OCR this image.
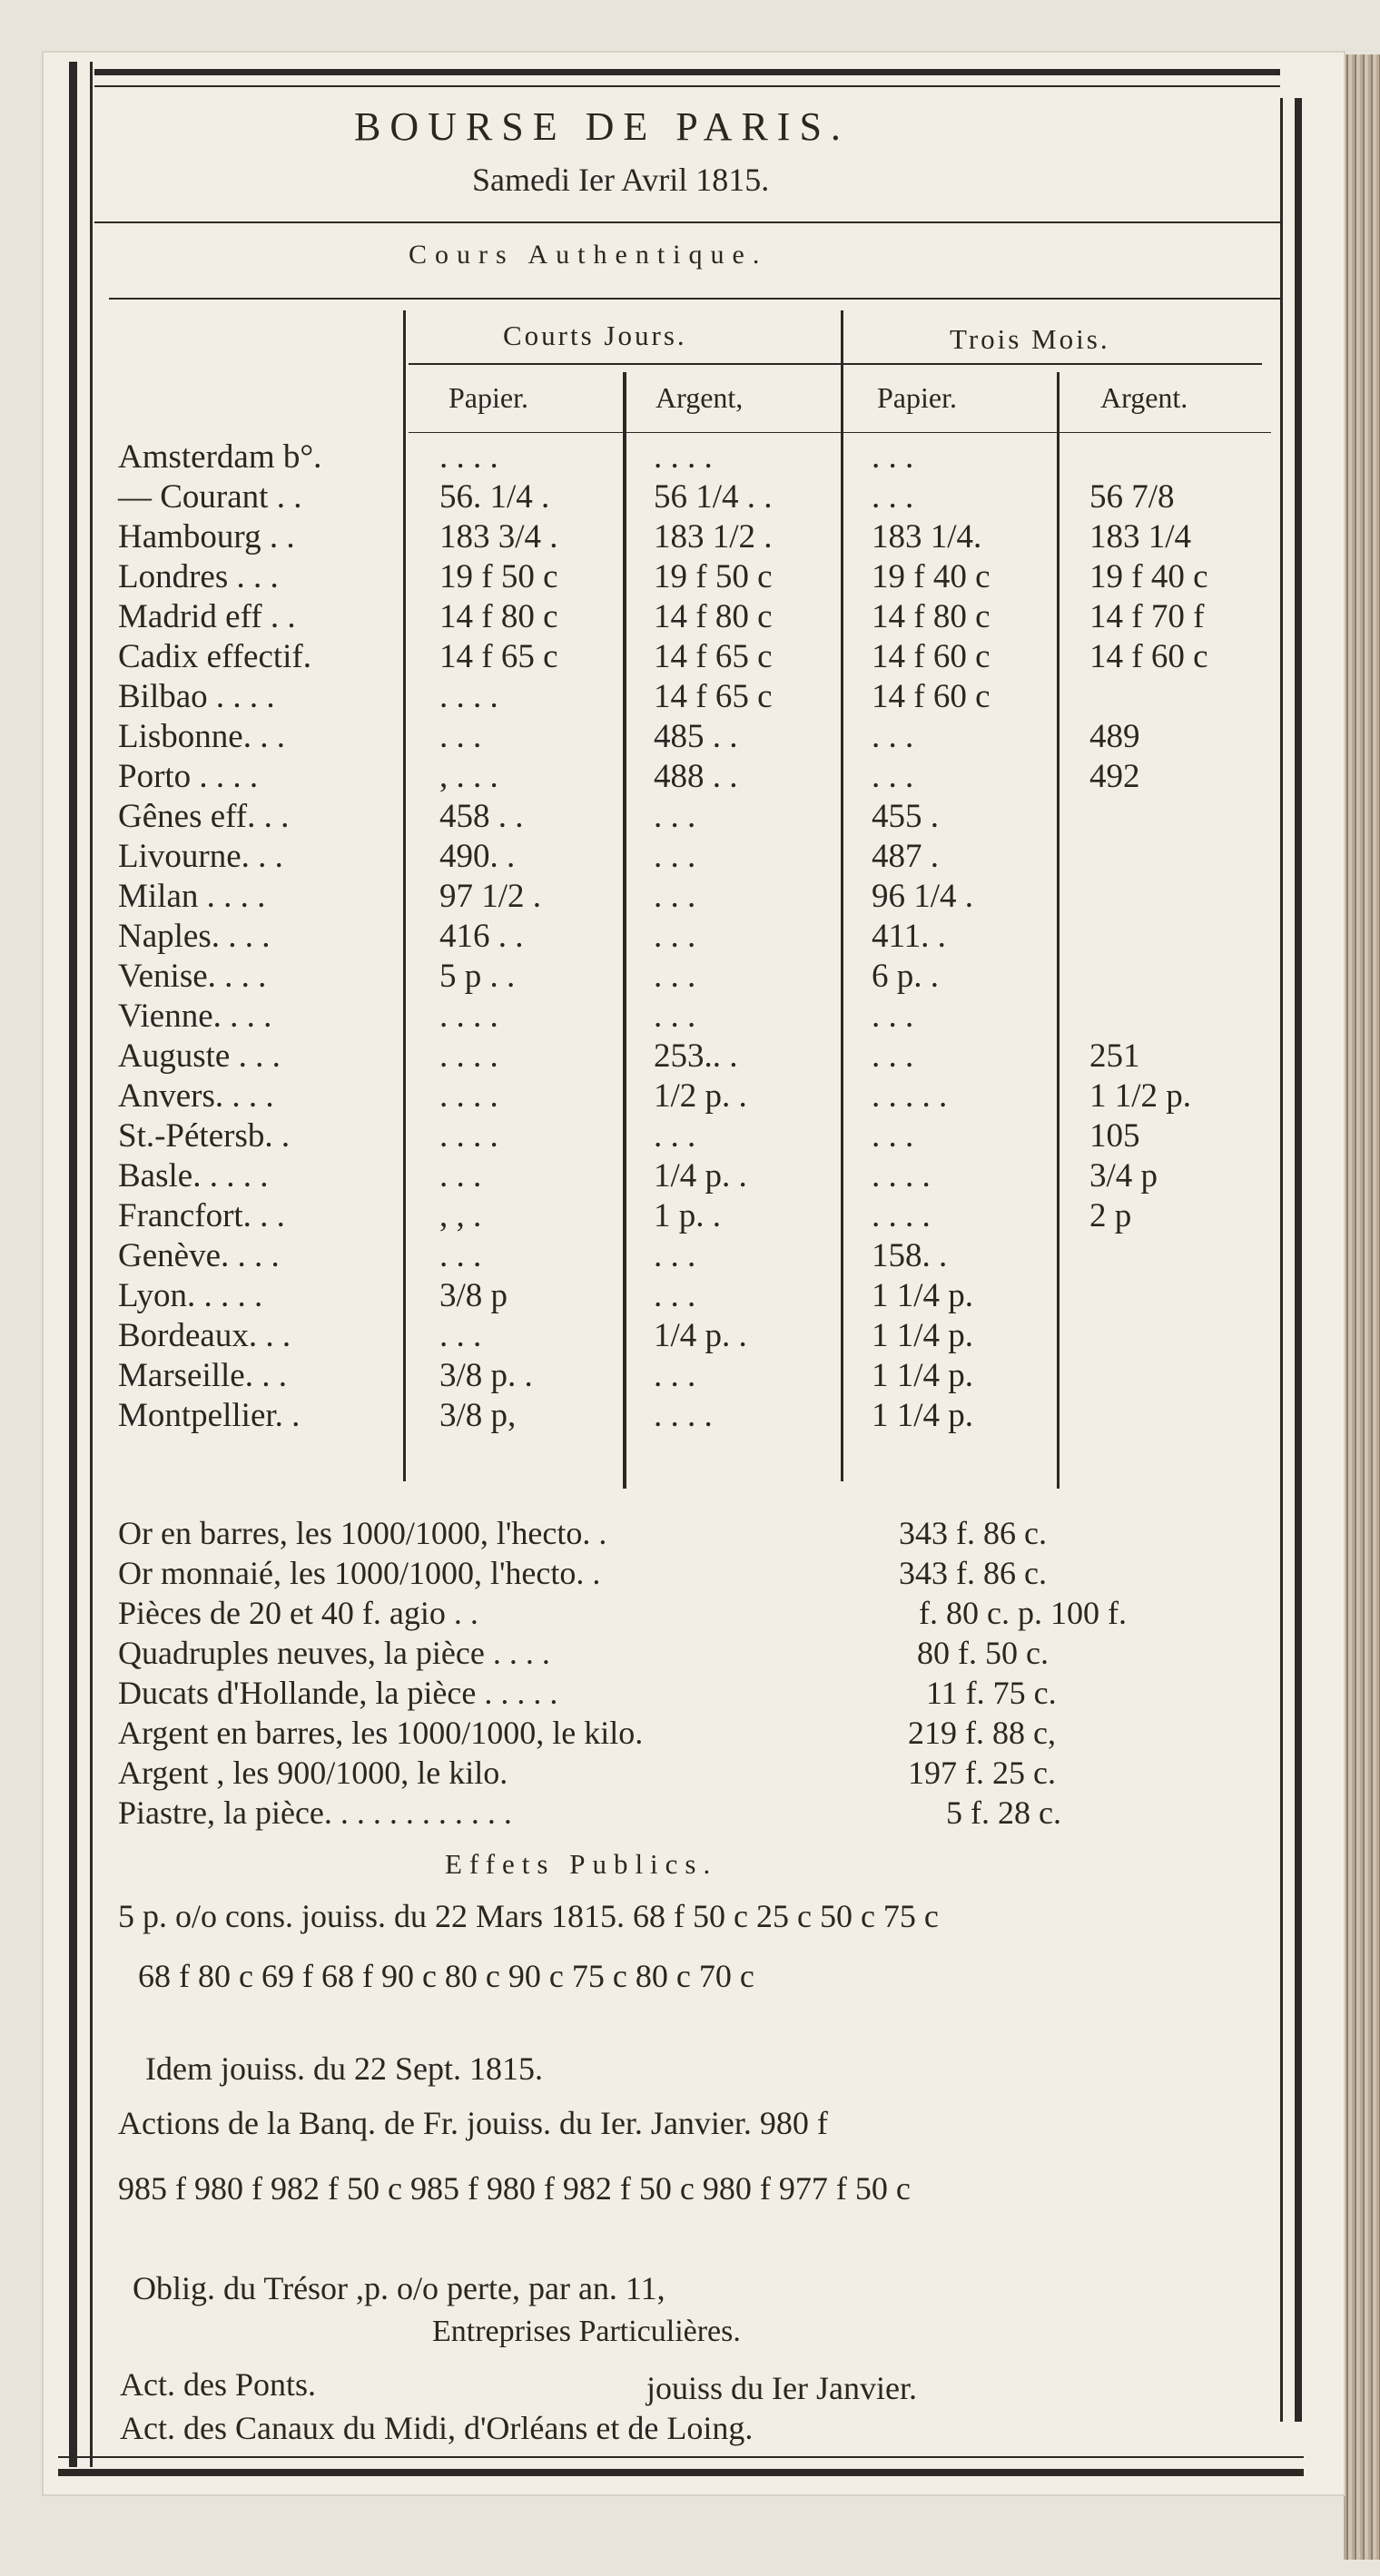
BOURSE DE PARIS.
Samedi Ier Avril 1815.
Cours Authentique.
Courts Jours.	Trois Mois.
Papier.	Argent,	Papier.	Argent.
Amsterdam b°.	. . . .	. . . .	. . .
— Courant . .	56. 1/4 .	56 1/4 . .	. . .	56 7/8
Hambourg . .	183 3/4 .	183 1/2 .	183 1/4.	183 1/4
Londres . . .	19 f 50 c	19 f 50 c	19 f 40 c	19 f 40 c
Madrid eff . .	14 f 80 c	14 f 80 c	14 f 80 c	14 f 70 f
Cadix effectif.	14 f 65 c	14 f 65 c	14 f 60 c	14 f 60 c
Bilbao . . . .	. . . .	14 f 65 c	14 f 60 c
Lisbonne. . .	. . .	485 . .	. . .	489
Porto . . . .	, . . .	488 . .	. . .	492
Gênes eff. . .	458 . .	. . .	455 .
Livourne. . .	490. .	. . .	487 .
Milan . . . .	97 1/2 .	. . .	96 1/4 .
Naples. . . .	416 . .	. . .	411. .
Venise. . . .	5 p . .	. . .	6 p. .
Vienne. . . .	. . . .	. . .	. . .
Auguste . . .	. . . .	253.. .	. . .	251
Anvers. . . .	. . . .	1/2 p. .	. . . . .	1 1/2 p.
St.-Pétersb. .	. . . .	. . .	. . .	105
Basle. . . . .	. . .	1/4 p. .	. . . .	3/4 p
Francfort. . .	, , .	1 p. .	. . . .	2 p
Genève. . . .	. . .	. . .	158. .
Lyon. . . . .	3/8 p	. . .	1 1/4 p.
Bordeaux. . .	. . .	1/4 p. .	1 1/4 p.
Marseille. . .	3/8 p. .	. . .	1 1/4 p.
Montpellier. .	3/8 p,	. . . .	1 1/4 p.
Or en barres, les 1000/1000, l'hecto. .	343 f. 86 c.
Or monnaié, les 1000/1000, l'hecto. .	343 f. 86 c.
Pièces de 20 et 40 f. agio . .	f. 80 c. p. 100 f.
Quadruples neuves, la pièce . . . .	80 f. 50 c.
Ducats d'Hollande, la pièce . . . . .	11 f. 75 c.
Argent en barres, les 1000/1000, le kilo.	219 f. 88 c,
Argent , les 900/1000, le kilo.	197 f. 25 c.
Piastre, la pièce. . . . . . . . . . . .	5 f. 28 c.
Effets Publics.
5 p. o/o cons. jouiss. du 22 Mars 1815. 68 f 50 c 25 c 50 c 75 c
68 f 80 c 69 f 68 f 90 c 80 c 90 c 75 c 80 c 70 c
Idem jouiss. du 22 Sept. 1815.
Actions de la Banq. de Fr. jouiss. du Ier. Janvier. 980 f
985 f 980 f 982 f 50 c 985 f 980 f 982 f 50 c 980 f 977 f 50 c
Oblig. du Trésor ,p. o/o perte, par an. 11,
Entreprises Particulières.
Act. des Ponts.	jouiss du Ier Janvier.
Act. des Canaux du Midi, d'Orléans et de Loing.
